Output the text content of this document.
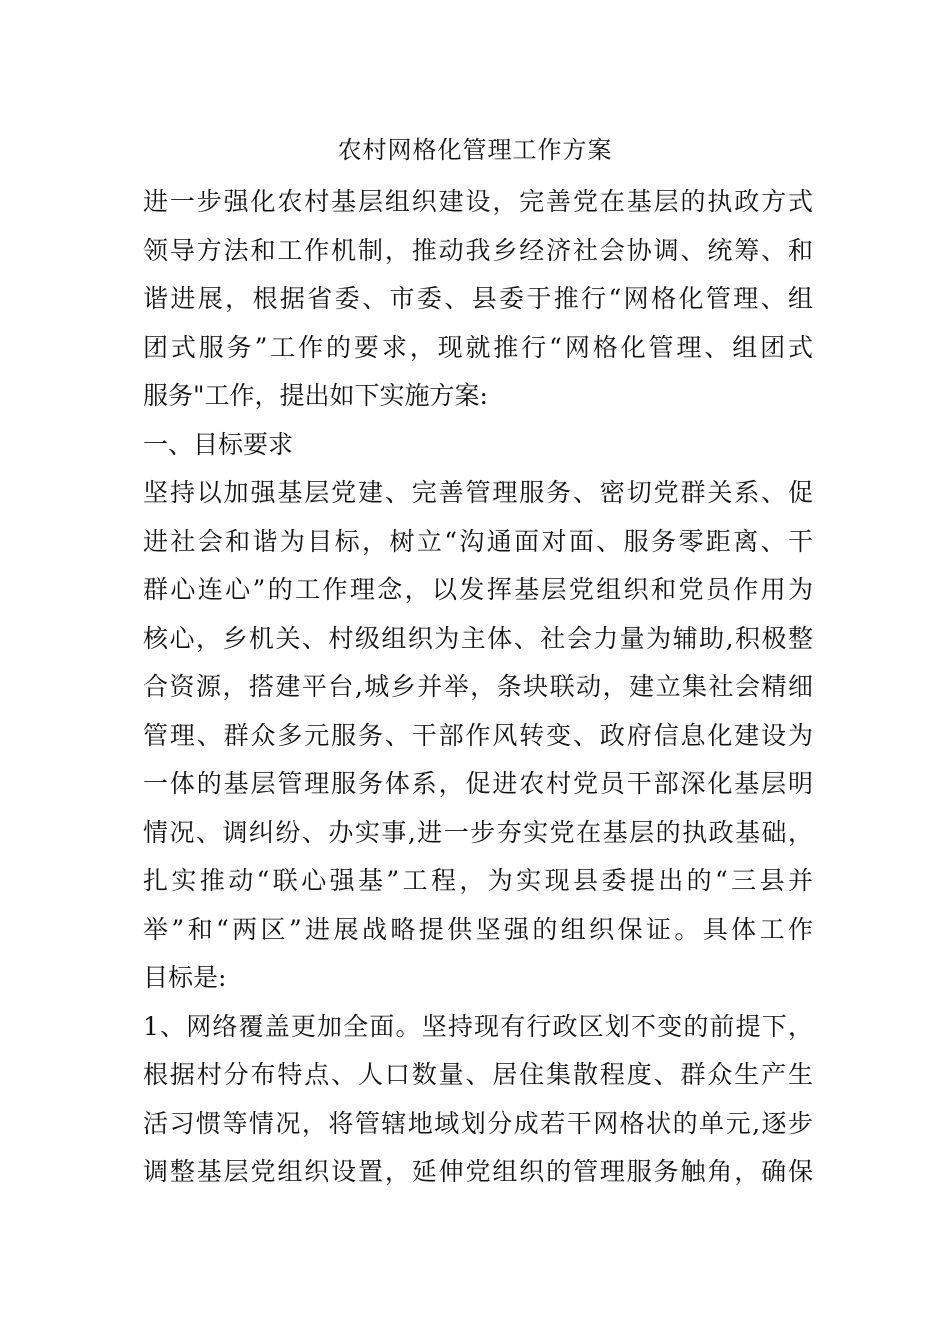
农村网格化管理工作方案
进一步强化农村基层组织建设，完善党在基层的执政方式
领导方法和工作机制，推动我乡经济社会协调、统筹、和
谐进展，根据省委、市委、县委于推行“网格化管理、组
团式服务”工作的要求，现就推行“网格化管理、组团式
服务"工作，提出如下实施方案:
一、目标要求
坚持以加强基层党建、完善管理服务、密切党群关系、促
进社会和谐为目标，树立“沟通面对面、服务零距离、干
群心连心”的工作理念，以发挥基层党组织和党员作用为
核心，乡机关、村级组织为主体、社会力量为辅助,积极整
合资源，搭建平台,城乡并举，条块联动，建立集社会精细
管理、群众多元服务、干部作风转变、政府信息化建设为
一体的基层管理服务体系，促进农村党员干部深化基层明
情况、调纠纷、办实事,进一步夯实党在基层的执政基础，
扎实推动“联心强基”工程，为实现县委提出的“三县并
举”和“两区”进展战略提供坚强的组织保证。具体工作
目标是:
1、网络覆盖更加全面。坚持现有行政区划不变的前提下，
根据村分布特点、人口数量、居住集散程度、群众生产生
活习惯等情况，将管辖地域划分成若干网格状的单元,逐步
调整基层党组织设置，延伸党组织的管理服务触角，确保
